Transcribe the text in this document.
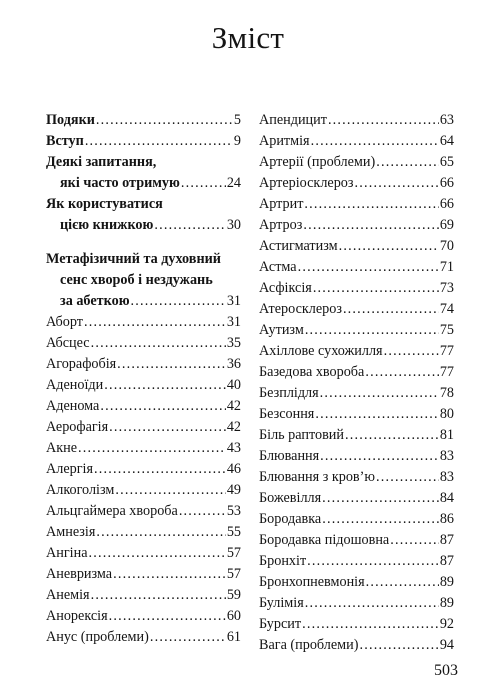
Зміст
Подяки .....	5
Вступ .....	9
Деякі запитання,
які часто отримую .....	24
Як користуватися
цією книжкою .....	30
Метафізичний та духовний
сенс хвороб і нездужань
за абеткою .....	31
Аборт .....	31
Абсцес .....	35
Агорафобія .....	36
Аденоїди .....	40
Аденома .....	42
Аерофагія .....	42
Акне .....	43
Алергія .....	46
Алкоголізм .....	49
Альцгаймера хвороба .....	53
Амнезія .....	55
Ангіна .....	57
Аневризма .....	57
Анемія .....	59
Анорексія .....	60
Анус (проблеми) .....	61
Апендицит .....	63
Аритмія .....	64
Артерії (проблеми) .....	65
Артеріосклероз .....	66
Артрит .....	66
Артроз .....	69
Астигматизм .....	70
Астма .....	71
Асфіксія .....	73
Атеросклероз .....	74
Аутизм .....	75
Ахіллове сухожилля .....	77
Базедова хвороба .....	77
Безплідля .....	78
Безсоння .....	80
Біль раптовий .....	81
Блювання .....	83
Блювання з кров’ю .....	83
Божевілля .....	84
Бородавка .....	86
Бородавка підошовна .....	87
Бронхіт .....	87
Бронхопневмонія .....	89
Булімія .....	89
Бурсит .....	92
Вага (проблеми) .....	94
503
